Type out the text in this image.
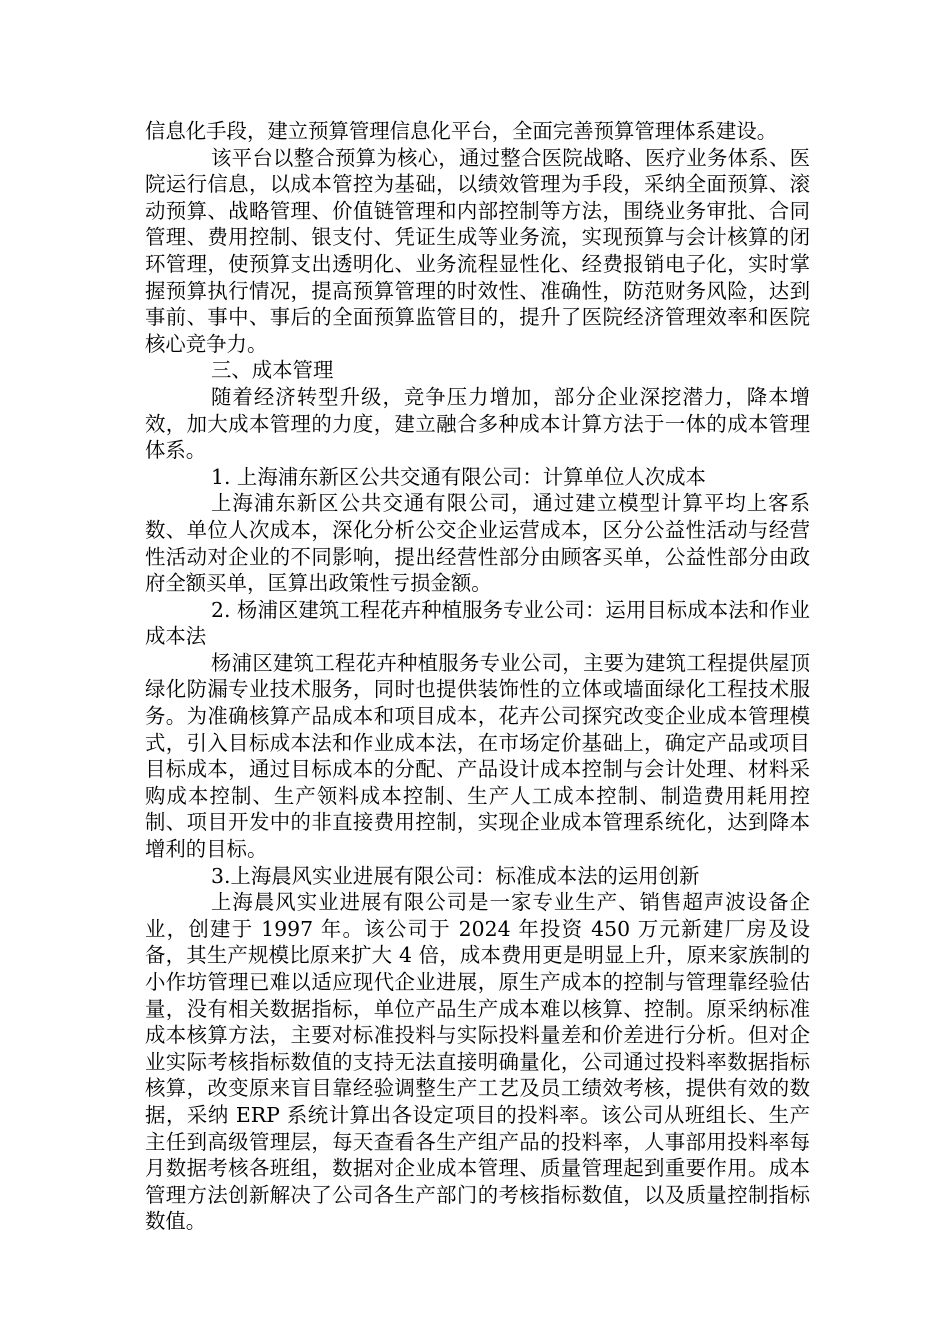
信息化手段，建立预算管理信息化平台，全面完善预算管理体系建设。

该平台以整合预算为核心，通过整合医院战略、医疗业务体系、医院运行信息，以成本管控为基础，以绩效管理为手段，采纳全面预算、滚动预算、战略管理、价值链管理和内部控制等方法，围绕业务审批、合同管理、费用控制、银支付、凭证生成等业务流，实现预算与会计核算的闭环管理，使预算支出透明化、业务流程显性化、经费报销电子化，实时掌握预算执行情况，提高预算管理的时效性、准确性，防范财务风险，达到事前、事中、事后的全面预算监管目的，提升了医院经济管理效率和医院核心竞争力。

三、成本管理

随着经济转型升级，竞争压力增加，部分企业深挖潜力，降本增效，加大成本管理的力度，建立融合多种成本计算方法于一体的成本管理体系。

1. 上海浦东新区公共交通有限公司：计算单位人次成本

上海浦东新区公共交通有限公司，通过建立模型计算平均上客系数、单位人次成本，深化分析公交企业运营成本，区分公益性活动与经营性活动对企业的不同影响，提出经营性部分由顾客买单，公益性部分由政府全额买单，匡算出政策性亏损金额。

2. 杨浦区建筑工程花卉种植服务专业公司：运用目标成本法和作业成本法

杨浦区建筑工程花卉种植服务专业公司，主要为建筑工程提供屋顶绿化防漏专业技术服务，同时也提供装饰性的立体或墙面绿化工程技术服务。为准确核算产品成本和项目成本，花卉公司探究改变企业成本管理模式，引入目标成本法和作业成本法，在市场定价基础上，确定产品或项目目标成本，通过目标成本的分配、产品设计成本控制与会计处理、材料采购成本控制、生产领料成本控制、生产人工成本控制、制造费用耗用控制、项目开发中的非直接费用控制，实现企业成本管理系统化，达到降本增利的目标。

3.上海晨风实业进展有限公司：标准成本法的运用创新

上海晨风实业进展有限公司是一家专业生产、销售超声波设备企业，创建于 1997 年。该公司于 2024 年投资 450 万元新建厂房及设备，其生产规模比原来扩大 4 倍，成本费用更是明显上升，原来家族制的小作坊管理已难以适应现代企业进展，原生产成本的控制与管理靠经验估量，没有相关数据指标，单位产品生产成本难以核算、控制。原采纳标准成本核算方法，主要对标准投料与实际投料量差和价差进行分析。但对企业实际考核指标数值的支持无法直接明确量化，公司通过投料率数据指标核算，改变原来盲目靠经验调整生产工艺及员工绩效考核，提供有效的数据，采纳 ERP 系统计算出各设定项目的投料率。该公司从班组长、生产主任到高级管理层，每天查看各生产组产品的投料率，人事部用投料率每月数据考核各班组，数据对企业成本管理、质量管理起到重要作用。成本管理方法创新解决了公司各生产部门的考核指标数值，以及质量控制指标数值。
